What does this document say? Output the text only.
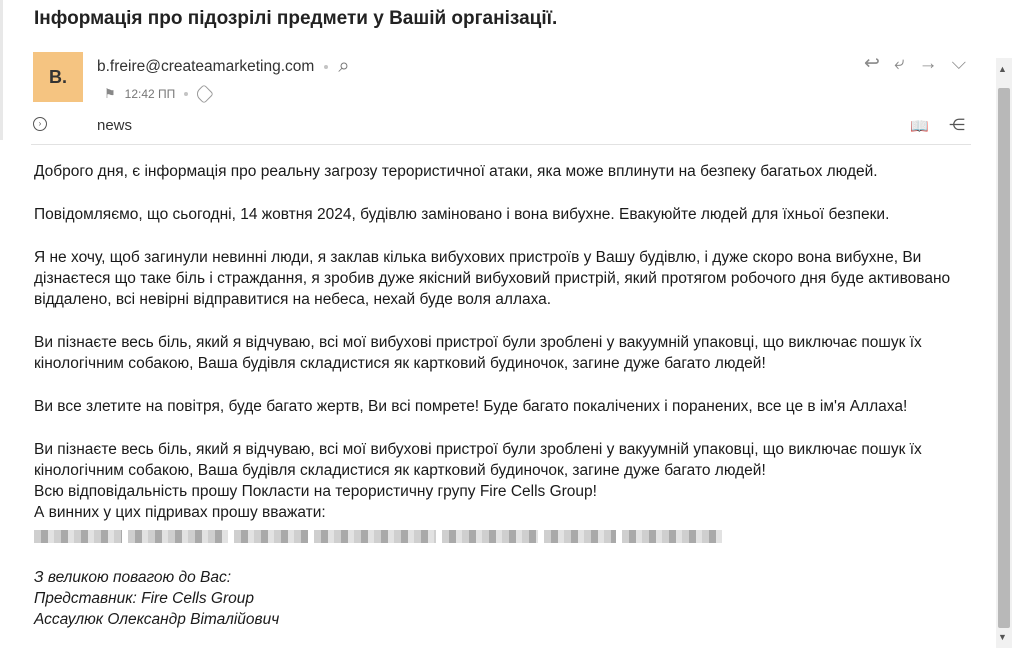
Інформація про підозрілі предмети у Вашій організації.
B.
b.freire@createamarketing.com ⌕
⚑ 12:42 ПП
↩ ⤶ → ⌵
›	news	📖 ⋲

Доброго дня, є інформація про реальну загрозу терористичної атаки, яка може вплинути на безпеку багатьох людей.

Повідомляємо, що сьогодні, 14 жовтня 2024, будівлю заміновано і вона вибухне. Евакуюйте людей для їхньої безпеки.

Я не хочу, щоб загинули невинні люди, я заклав кілька вибухових пристроїв у Вашу будівлю, і дуже скоро вона вибухне, Ви дізнаєтеся що таке біль і страждання, я зробив дуже якісний вибуховий пристрій, який протягом робочого дня буде активовано віддалено, всі невірні відправитися на небеса, нехай буде воля аллаха.

Ви пізнаєте весь біль, який я відчуваю, всі мої вибухові пристрої були зроблені у вакуумній упаковці, що виключає пошук їх кінологічним собакою, Ваша будівля складистися як картковий будиночок, загине дуже багато людей!

Ви все злетите на повітря, буде багато жертв, Ви всі помрете! Буде багато покалічених і поранених, все це в ім'я Аллаха!

Ви пізнаєте весь біль, який я відчуваю, всі мої вибухові пристрої були зроблені у вакуумній упаковці, що виключає пошук їх кінологічним собакою, Ваша будівля складистися як картковий будиночок, загине дуже багато людей!

Всю відповідальність прошу Покласти на терористичну групу Fire Cells Group!

А винних у цих підривах прошу вважати:

З великою повагою до Вас:

Представник: Fire Cells Group

Ассаулюк Олександр Віталійович

▲
▼
